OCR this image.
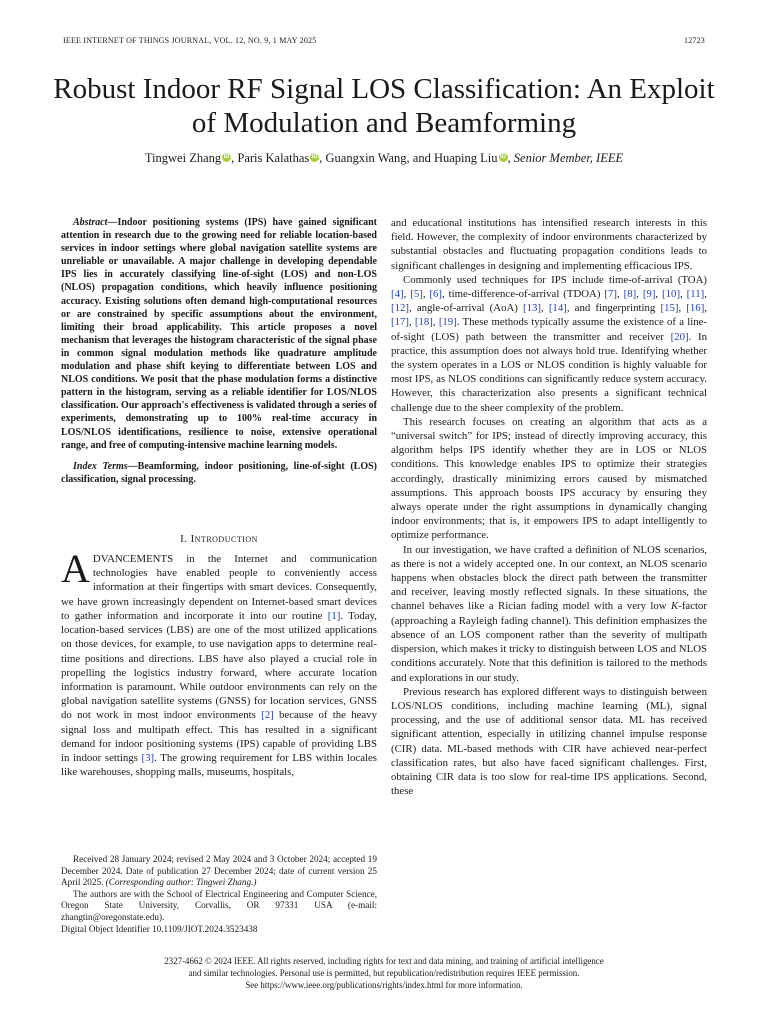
IEEE INTERNET OF THINGS JOURNAL, VOL. 12, NO. 9, 1 MAY 2025	12723
Robust Indoor RF Signal LOS Classification: An Exploit of Modulation and Beamforming
Tingwei Zhang iD , Paris Kalathas iD , Guangxin Wang, and Huaping Liu iD , Senior Member, IEEE

Abstract—Indoor positioning systems (IPS) have gained significant attention in research due to the growing need for reliable location-based services in indoor settings where global navigation satellite systems are unreliable or unavailable. A major challenge in developing dependable IPS lies in accurately classifying line-of-sight (LOS) and non-LOS (NLOS) propagation conditions, which heavily influence positioning accuracy. Existing solutions often demand high-computational resources or are constrained by specific assumptions about the environment, limiting their broad applicability. This article proposes a novel mechanism that leverages the histogram characteristic of the signal phase in common signal modulation methods like quadrature amplitude modulation and phase shift keying to differentiate between LOS and NLOS conditions. We posit that the phase modulation forms a distinctive pattern in the histogram, serving as a reliable identifier for LOS/NLOS classification. Our approach's effectiveness is validated through a series of experiments, demonstrating up to 100% real-time accuracy in LOS/NLOS identifications, resilience to noise, extensive operational range, and free of computing-intensive machine learning models.

Index Terms—Beamforming, indoor positioning, line-of-sight (LOS) classification, signal processing.

I. Introduction

ADVANCEMENTS in the Internet and communication technologies have enabled people to conveniently access information at their fingertips with smart devices. Consequently, we have grown increasingly dependent on Internet-based smart devices to gather information and incorporate it into our routine [1]. Today, location-based services (LBS) are one of the most utilized applications on those devices, for example, to use navigation apps to determine real-time positions and directions. LBS have also played a crucial role in propelling the logistics industry forward, where accurate location information is paramount. While outdoor environments can rely on the global navigation satellite systems (GNSS) for location services, GNSS do not work in most indoor environments [2] because of the heavy signal loss and multipath effect. This has resulted in a significant demand for indoor positioning systems (IPS) capable of providing LBS in indoor settings [3]. The growing requirement for LBS within locales like warehouses, shopping malls, museums, hospitals,

Received 28 January 2024; revised 2 May 2024 and 3 October 2024; accepted 19 December 2024. Date of publication 27 December 2024; date of current version 25 April 2025. (Corresponding author: Tingwei Zhang.)

The authors are with the School of Electrical Engineering and Computer Science, Oregon State University, Corvallis, OR 97331 USA (e-mail: zhangtin@oregonstate.edu).

Digital Object Identifier 10.1109/JIOT.2024.3523438

and educational institutions has intensified research interests in this field. However, the complexity of indoor environments characterized by substantial obstacles and fluctuating propagation conditions leads to significant challenges in designing and implementing efficacious IPS.

Commonly used techniques for IPS include time-of-arrival (TOA) [4], [5], [6], time-difference-of-arrival (TDOA) [7], [8], [9], [10], [11], [12], angle-of-arrival (AoA) [13], [14], and fingerprinting [15], [16], [17], [18], [19]. These methods typically assume the existence of a line-of-sight (LOS) path between the transmitter and receiver [20]. In practice, this assumption does not always hold true. Identifying whether the system operates in a LOS or NLOS condition is highly valuable for most IPS, as NLOS conditions can significantly reduce system accuracy. However, this characterization also presents a significant technical challenge due to the sheer complexity of the problem.

This research focuses on creating an algorithm that acts as a “universal switch” for IPS; instead of directly improving accuracy, this algorithm helps IPS identify whether they are in LOS or NLOS conditions. This knowledge enables IPS to optimize their strategies accordingly, drastically minimizing errors caused by mismatched assumptions. This approach boosts IPS accuracy by ensuring they always operate under the right assumptions in dynamically changing indoor environments; that is, it empowers IPS to adapt intelligently to optimize performance.

In our investigation, we have crafted a definition of NLOS scenarios, as there is not a widely accepted one. In our context, an NLOS scenario happens when obstacles block the direct path between the transmitter and receiver, leaving mostly reflected signals. In these situations, the channel behaves like a Rician fading model with a very low K-factor (approaching a Rayleigh fading channel). This definition emphasizes the absence of an LOS component rather than the severity of multipath dispersion, which makes it tricky to distinguish between LOS and NLOS conditions accurately. Note that this definition is tailored to the methods and explorations in our study.

Previous research has explored different ways to distinguish between LOS/NLOS conditions, including machine learning (ML), signal processing, and the use of additional sensor data. ML has received significant attention, especially in utilizing channel impulse response (CIR) data. ML-based methods with CIR have achieved near-perfect classification rates, but also have faced significant challenges. First, obtaining CIR data is too slow for real-time IPS applications. Second, these

2327-4662 © 2024 IEEE. All rights reserved, including rights for text and data mining, and training of artificial intelligence
and similar technologies. Personal use is permitted, but republication/redistribution requires IEEE permission.
See https://www.ieee.org/publications/rights/index.html for more information.
